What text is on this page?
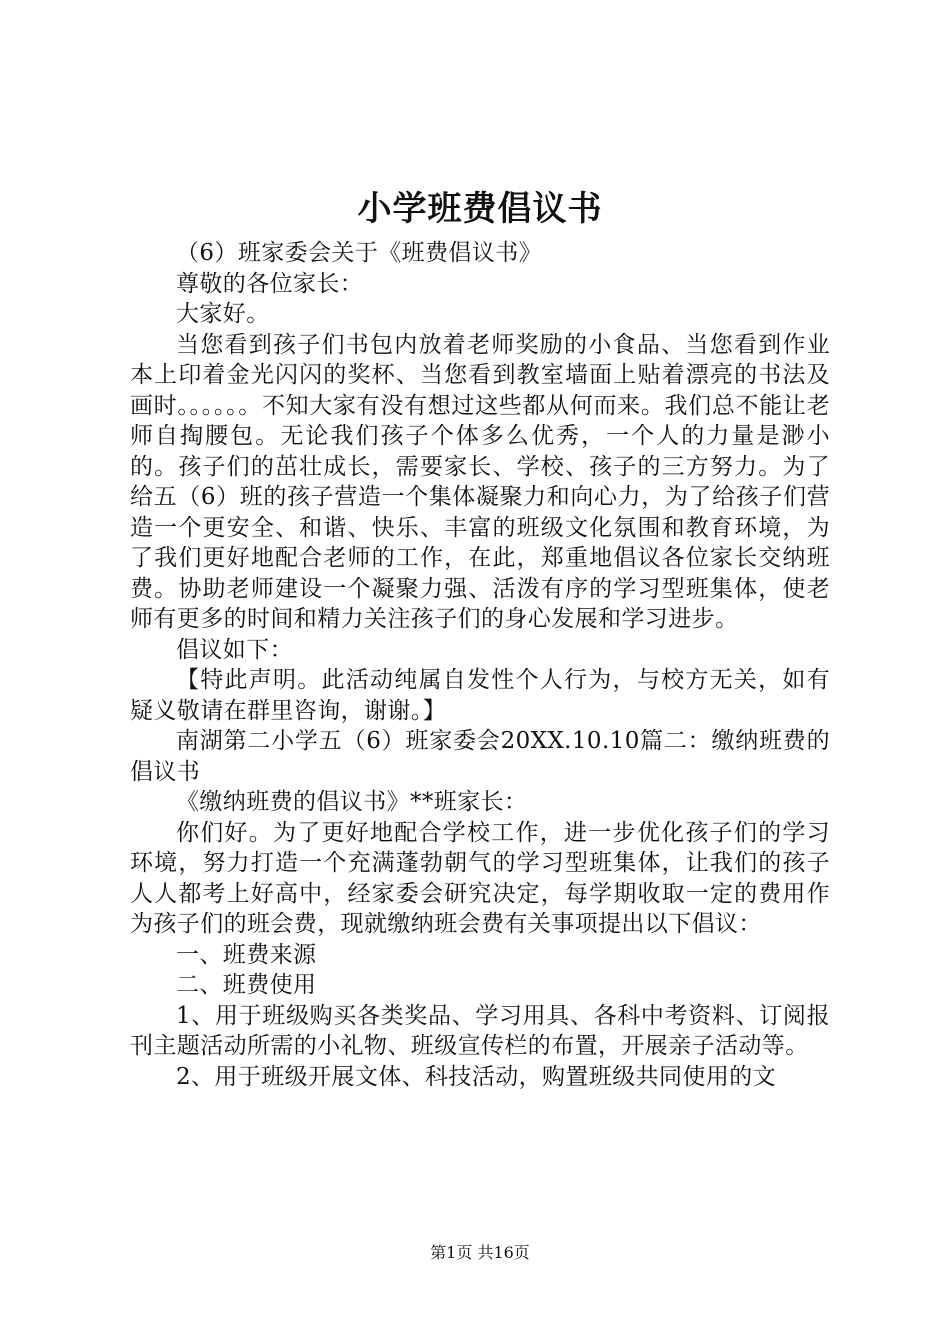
小学班费倡议书

（6）班家委会关于《班费倡议书》

尊敬的各位家长：

大家好。

当您看到孩子们书包内放着老师奖励的小食品、当您看到作业本上印着金光闪闪的奖杯、当您看到教室墙面上贴着漂亮的书法及画时。。。。。。不知大家有没有想过这些都从何而来。我们总不能让老师自掏腰包。无论我们孩子个体多么优秀，一个人的力量是渺小的。孩子们的茁壮成长，需要家长、学校、孩子的三方努力。为了给五（6）班的孩子营造一个集体凝聚力和向心力，为了给孩子们营造一个更安全、和谐、快乐、丰富的班级文化氛围和教育环境，为了我们更好地配合老师的工作，在此，郑重地倡议各位家长交纳班费。协助老师建设一个凝聚力强、活泼有序的学习型班集体，使老师有更多的时间和精力关注孩子们的身心发展和学习进步。

倡议如下：

【特此声明。此活动纯属自发性个人行为，与校方无关，如有疑义敬请在群里咨询，谢谢。】

南湖第二小学五（6）班家委会20XX.10.10篇二：缴纳班费的倡议书

《缴纳班费的倡议书》**班家长：

你们好。为了更好地配合学校工作，进一步优化孩子们的学习环境，努力打造一个充满蓬勃朝气的学习型班集体，让我们的孩子人人都考上好高中，经家委会研究决定，每学期收取一定的费用作为孩子们的班会费，现就缴纳班会费有关事项提出以下倡议：

一、班费来源

二、班费使用

1、用于班级购买各类奖品、学习用具、各科中考资料、订阅报刊主题活动所需的小礼物、班级宣传栏的布置，开展亲子活动等。

2、用于班级开展文体、科技活动，购置班级共同使用的文

第1页 共16页
